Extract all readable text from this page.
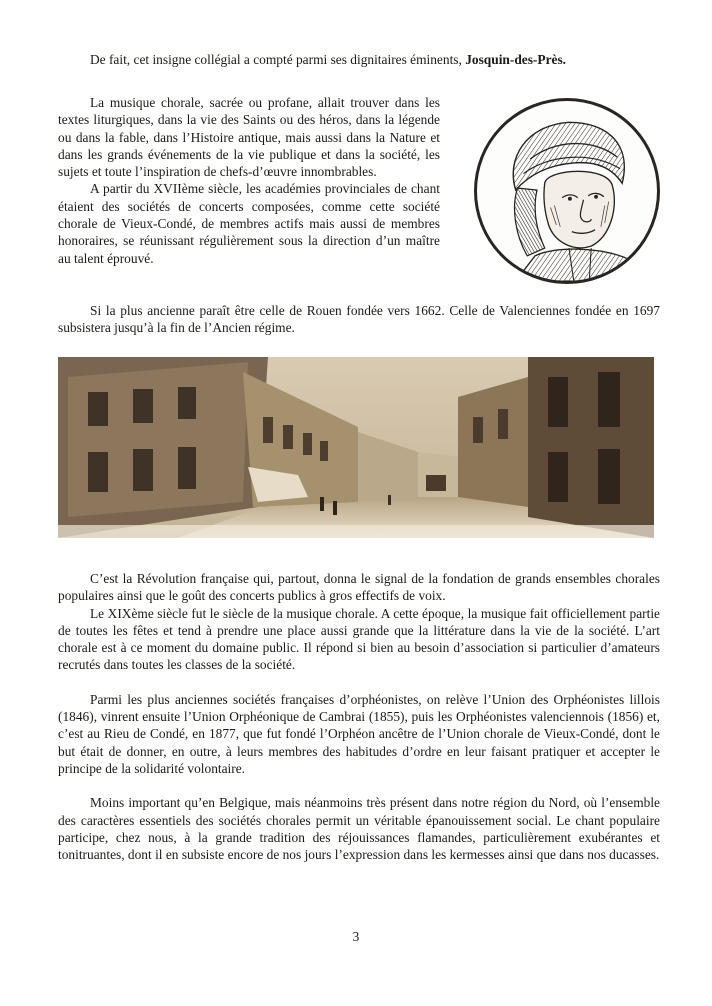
De fait, cet insigne collégial a compté parmi ses dignitaires éminents, Josquin-des-Près.

La musique chorale, sacrée ou profane, allait trouver dans les textes liturgiques, dans la vie des Saints ou des héros, dans la légende ou dans la fable, dans l’Histoire antique, mais aussi dans la Nature et dans les grands événements de la vie publique et dans la société, les sujets et toute l’inspiration de chefs-d’œuvre innombrables.

A partir du XVIIème siècle, les académies provinciales de chant étaient des sociétés de concerts composées, comme cette société chorale de Vieux-Condé, de membres actifs mais aussi de membres honoraires, se réunissant régulièrement sous la direction d’un maître au talent éprouvé.

Si la plus ancienne paraît être celle de Rouen fondée vers 1662. Celle de Valenciennes fondée en 1697 subsistera jusqu’à la fin de l’Ancien régime.

C’est la Révolution française qui, partout, donna le signal de la fondation de grands ensembles chorales populaires ainsi que le goût des concerts publics à gros effectifs de voix.

Le XIXème siècle fut le siècle de la musique chorale. A cette époque, la musique fait officiellement partie de toutes les fêtes et tend à prendre une place aussi grande que la littérature dans la vie de la société. L’art chorale est à ce moment du domaine public. Il répond si bien au besoin d’association si particulier d’amateurs recrutés dans toutes les classes de la société.

Parmi les plus anciennes sociétés françaises d’orphéonistes, on relève l’Union des Orphéonistes lillois (1846), vinrent ensuite l’Union Orphéonique de Cambrai (1855), puis les Orphéonistes valenciennois (1856) et, c’est au Rieu de Condé, en 1877, que fut fondé l’Orphéon ancêtre de l’Union chorale de Vieux-Condé, dont le but était de donner, en outre, à leurs membres des habitudes d’ordre en leur faisant pratiquer et accepter le principe de la solidarité volontaire.

Moins important qu’en Belgique, mais néanmoins très présent dans notre région du Nord, où l’ensemble des caractères essentiels des sociétés chorales permit un véritable épanouissement social. Le chant populaire participe, chez nous, à la grande tradition des réjouissances flamandes, particulièrement exubérantes et tonitruantes, dont il en subsiste encore de nos jours l’expression dans les kermesses ainsi que dans nos ducasses.

3
